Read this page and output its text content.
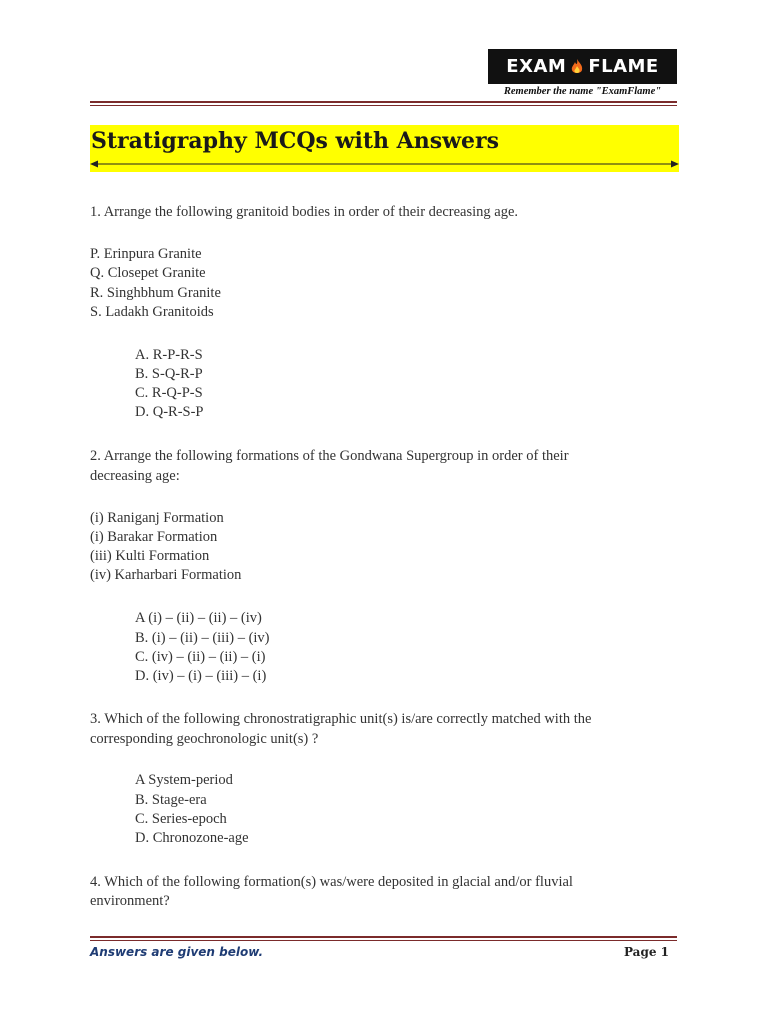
EXAM FLAME
Remember the name "ExamFlame"
Stratigraphy MCQs with Answers
1. Arrange the following granitoid bodies in order of their decreasing age.
P. Erinpura Granite
Q. Closepet Granite
R. Singhbhum Granite
S. Ladakh Granitoids
A. R-P-R-S
B. S-Q-R-P
C. R-Q-P-S
D. Q-R-S-P
2. Arrange the following formations of the Gondwana Supergroup in order of their
decreasing age:
(i) Raniganj Formation
(i) Barakar Formation
(iii) Kulti Formation
(iv) Karharbari Formation
A (i) – (ii) – (ii) – (iv)
B. (i) – (ii) – (iii) – (iv)
C. (iv) – (ii) – (ii) – (i)
D. (iv) – (i) – (iii) – (i)
3. Which of the following chronostratigraphic unit(s) is/are correctly matched with the
corresponding geochronologic unit(s) ?
A System-period
B. Stage-era
C. Series-epoch
D. Chronozone-age
4. Which of the following formation(s) was/were deposited in glacial and/or fluvial
environment?
Answers are given below.	Page 1
